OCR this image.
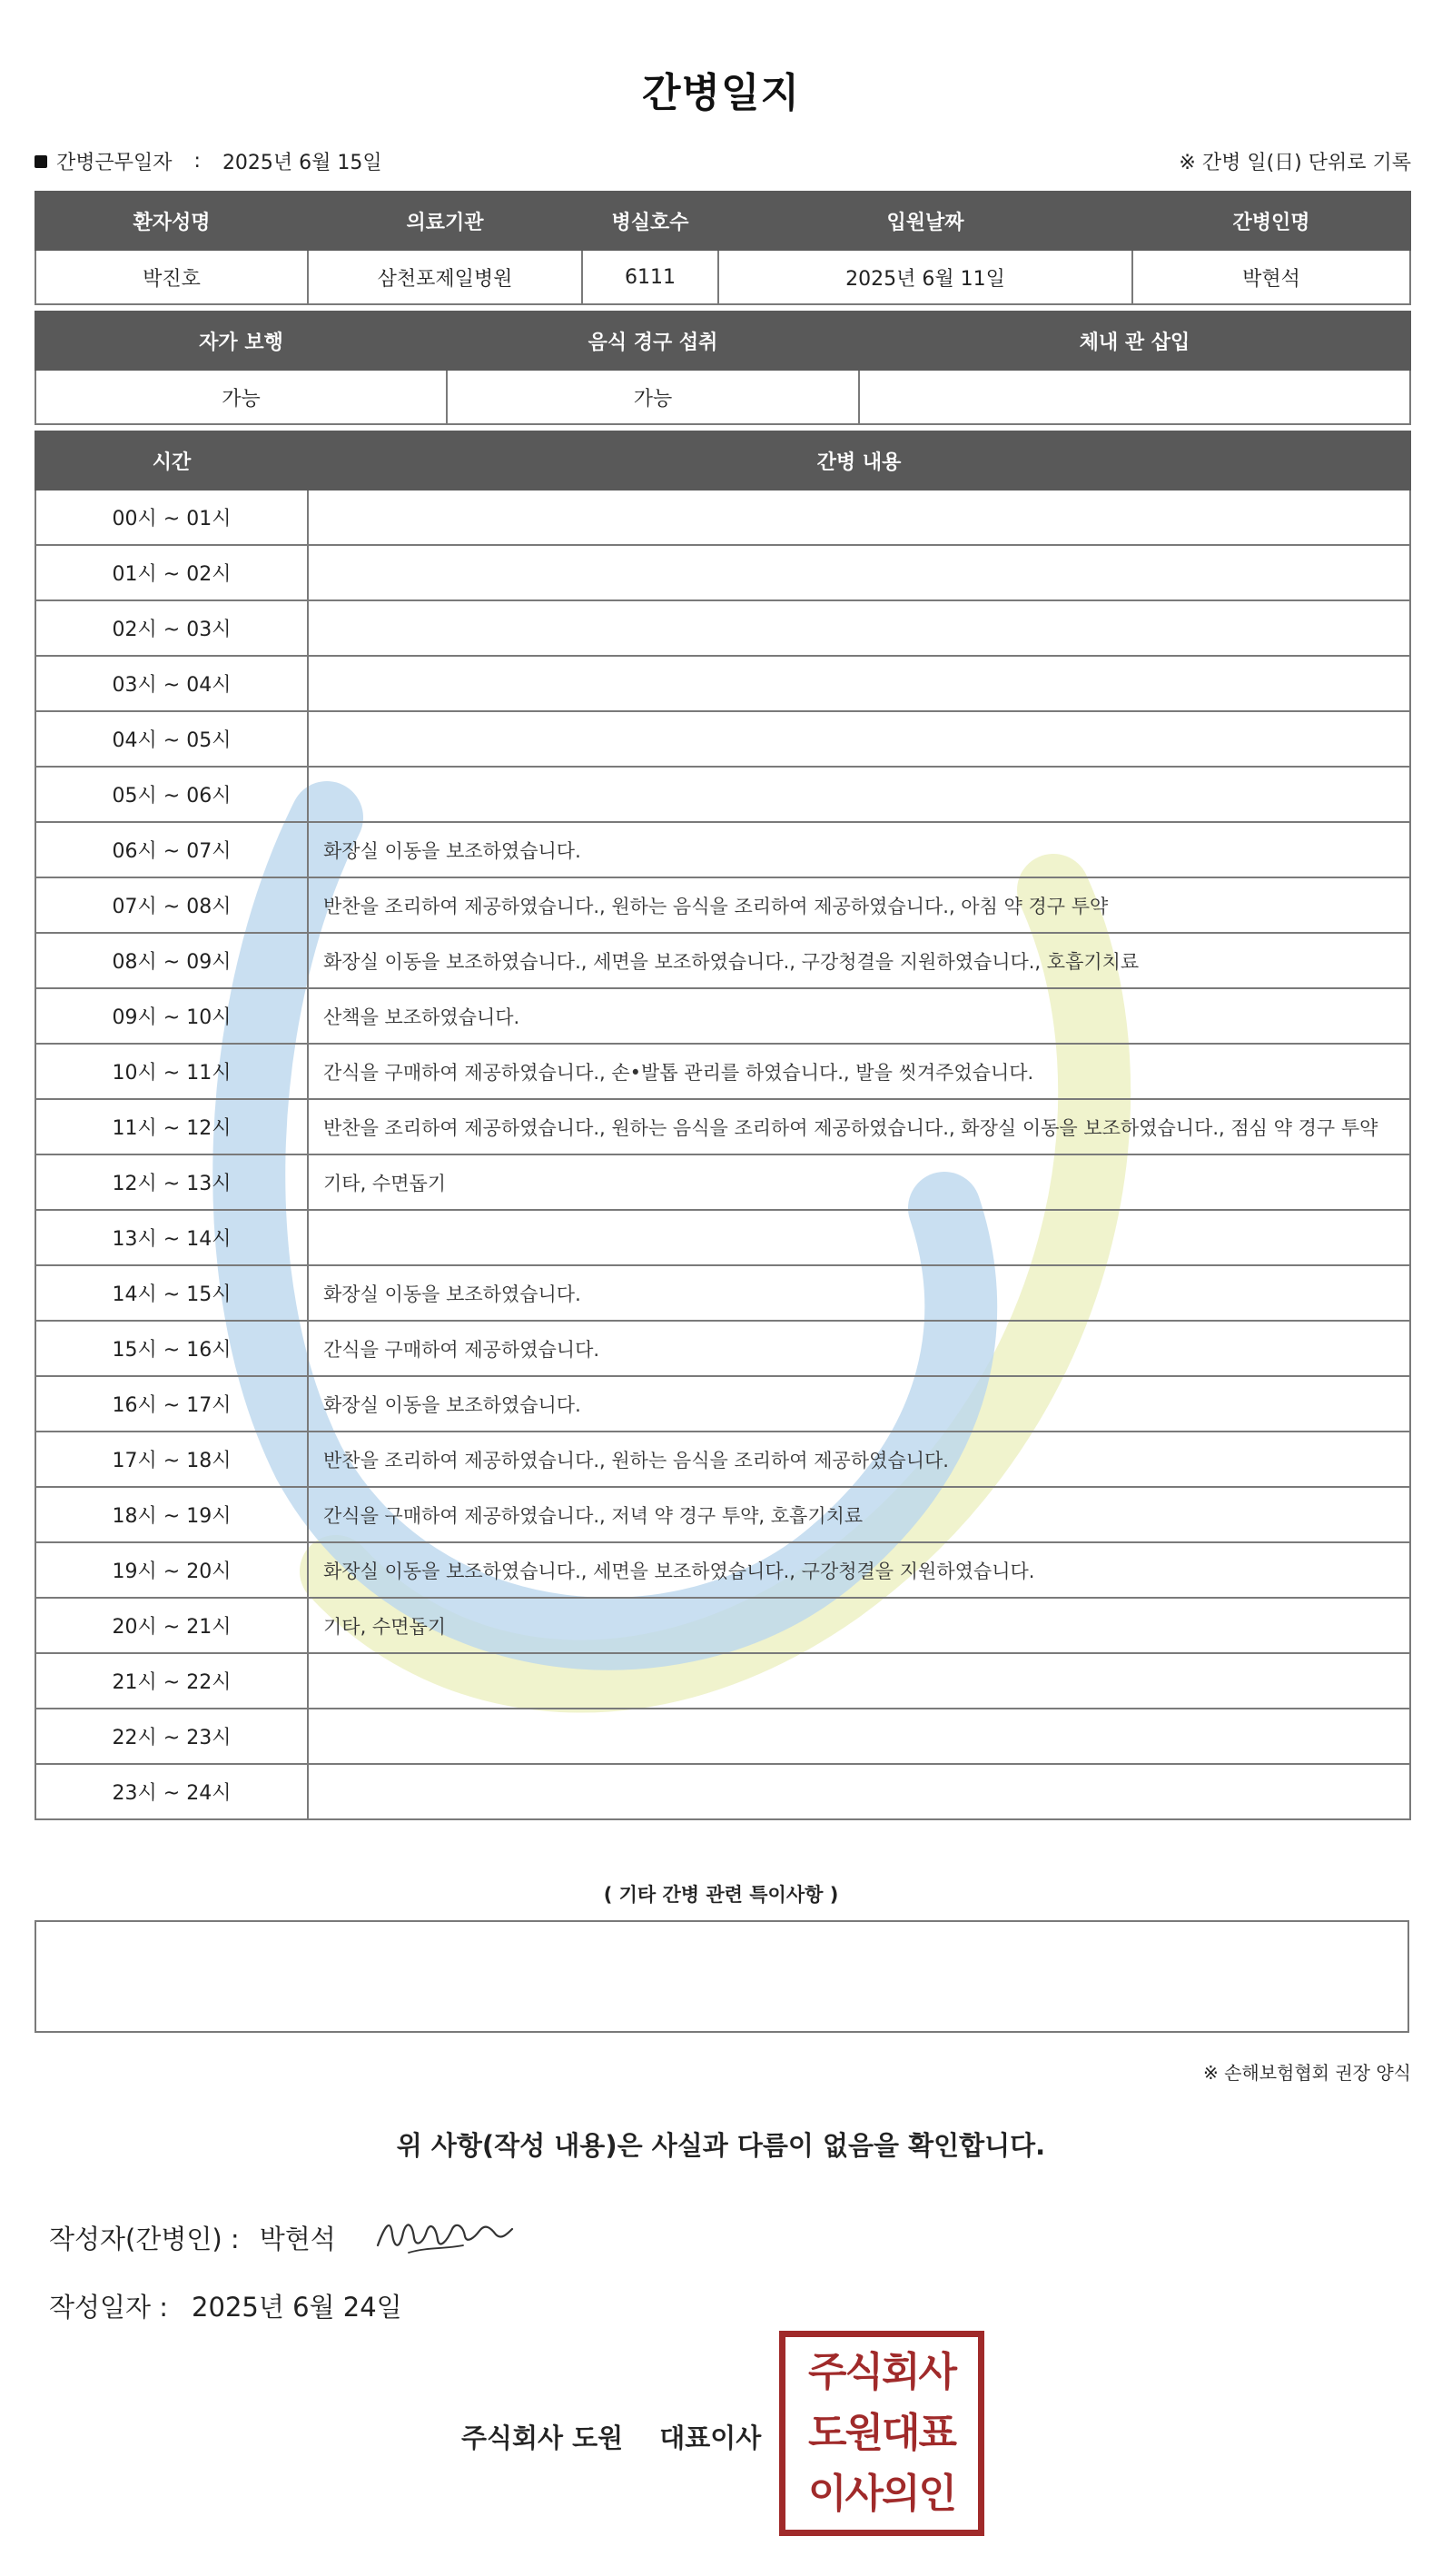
간병일지
간병근무일자 : 2025년 6월 15일	※ 간병 일(日) 단위로 기록
환자성명	의료기관	병실호수	입원날짜	간병인명
박진호	삼천포제일병원	6111	2025년 6월 11일	박현석
자가 보행	음식 경구 섭취	체내 관 삽입
가능	가능	
시간	간병 내용
00시 ~ 01시	
01시 ~ 02시	
02시 ~ 03시	
03시 ~ 04시	
04시 ~ 05시	
05시 ~ 06시	
06시 ~ 07시	화장실 이동을 보조하였습니다.
07시 ~ 08시	반찬을 조리하여 제공하였습니다., 원하는 음식을 조리하여 제공하였습니다., 아침 약 경구 투약
08시 ~ 09시	화장실 이동을 보조하였습니다., 세면을 보조하였습니다., 구강청결을 지원하였습니다., 호흡기치료
09시 ~ 10시	산책을 보조하였습니다.
10시 ~ 11시	간식을 구매하여 제공하였습니다., 손•발톱 관리를 하였습니다., 발을 씻겨주었습니다.
11시 ~ 12시	반찬을 조리하여 제공하였습니다., 원하는 음식을 조리하여 제공하였습니다., 화장실 이동을 보조하였습니다., 점심 약 경구 투약
12시 ~ 13시	기타, 수면돕기
13시 ~ 14시	
14시 ~ 15시	화장실 이동을 보조하였습니다.
15시 ~ 16시	간식을 구매하여 제공하였습니다.
16시 ~ 17시	화장실 이동을 보조하였습니다.
17시 ~ 18시	반찬을 조리하여 제공하였습니다., 원하는 음식을 조리하여 제공하였습니다.
18시 ~ 19시	간식을 구매하여 제공하였습니다., 저녁 약 경구 투약, 호흡기치료
19시 ~ 20시	화장실 이동을 보조하였습니다., 세면을 보조하였습니다., 구강청결을 지원하였습니다.
20시 ~ 21시	기타, 수면돕기
21시 ~ 22시	
22시 ~ 23시	
23시 ~ 24시	
( 기타 간병 관련 특이사항 )
※ 손해보험협회 권장 양식
위 사항(작성 내용)은 사실과 다름이 없음을 확인합니다.
작성자(간병인) : 박현석
작성일자 : 2025년 6월 24일
주식회사 도원 대표이사
주식회사
도원대표
이사의인
